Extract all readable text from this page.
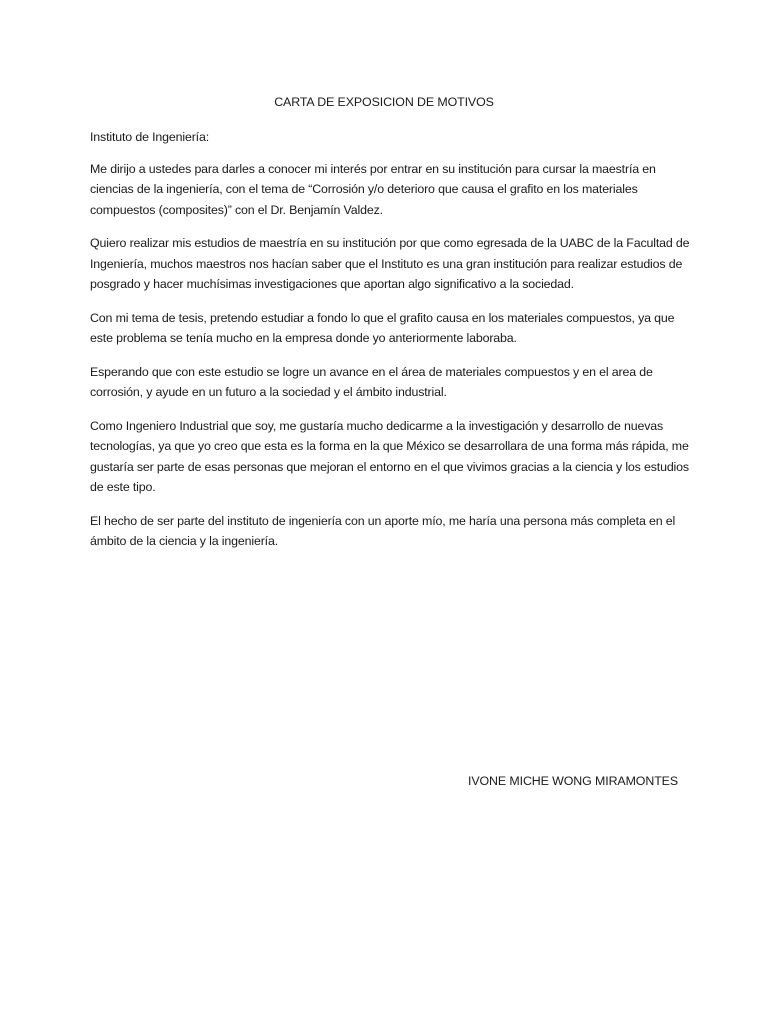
CARTA DE EXPOSICION DE MOTIVOS

Instituto de Ingeniería:

Me dirijo a ustedes para darles a conocer mi interés por entrar en su institución para cursar la maestría en ciencias de la ingeniería, con el tema de “Corrosión y/o deterioro que causa el grafito en los materiales compuestos (composites)” con el Dr. Benjamín Valdez.

Quiero realizar mis estudios de maestría en su institución por que como egresada de la UABC de la Facultad de Ingeniería, muchos maestros nos hacían saber que el Instituto es una gran institución para realizar estudios de posgrado y hacer muchísimas investigaciones que aportan algo significativo a la sociedad.

Con mi tema de tesis, pretendo estudiar a fondo lo que el grafito causa en los materiales compuestos, ya que este problema se tenía mucho en la empresa donde yo anteriormente laboraba.

Esperando que con este estudio se logre un avance en el área de materiales compuestos y en el area de corrosión, y ayude en un futuro a la sociedad y el ámbito industrial.

Como Ingeniero Industrial que soy, me gustaría mucho dedicarme a la investigación y desarrollo de nuevas tecnologías, ya que yo creo que esta es la forma en la que México se desarrollara de una forma más rápida, me gustaría ser parte de esas personas que mejoran el entorno en el que vivimos gracias a la ciencia y los estudios de este tipo.

El hecho de ser parte del instituto de ingeniería con un aporte mío, me haría una persona más completa en el ámbito de la ciencia y la ingeniería.

IVONE MICHE WONG MIRAMONTES
